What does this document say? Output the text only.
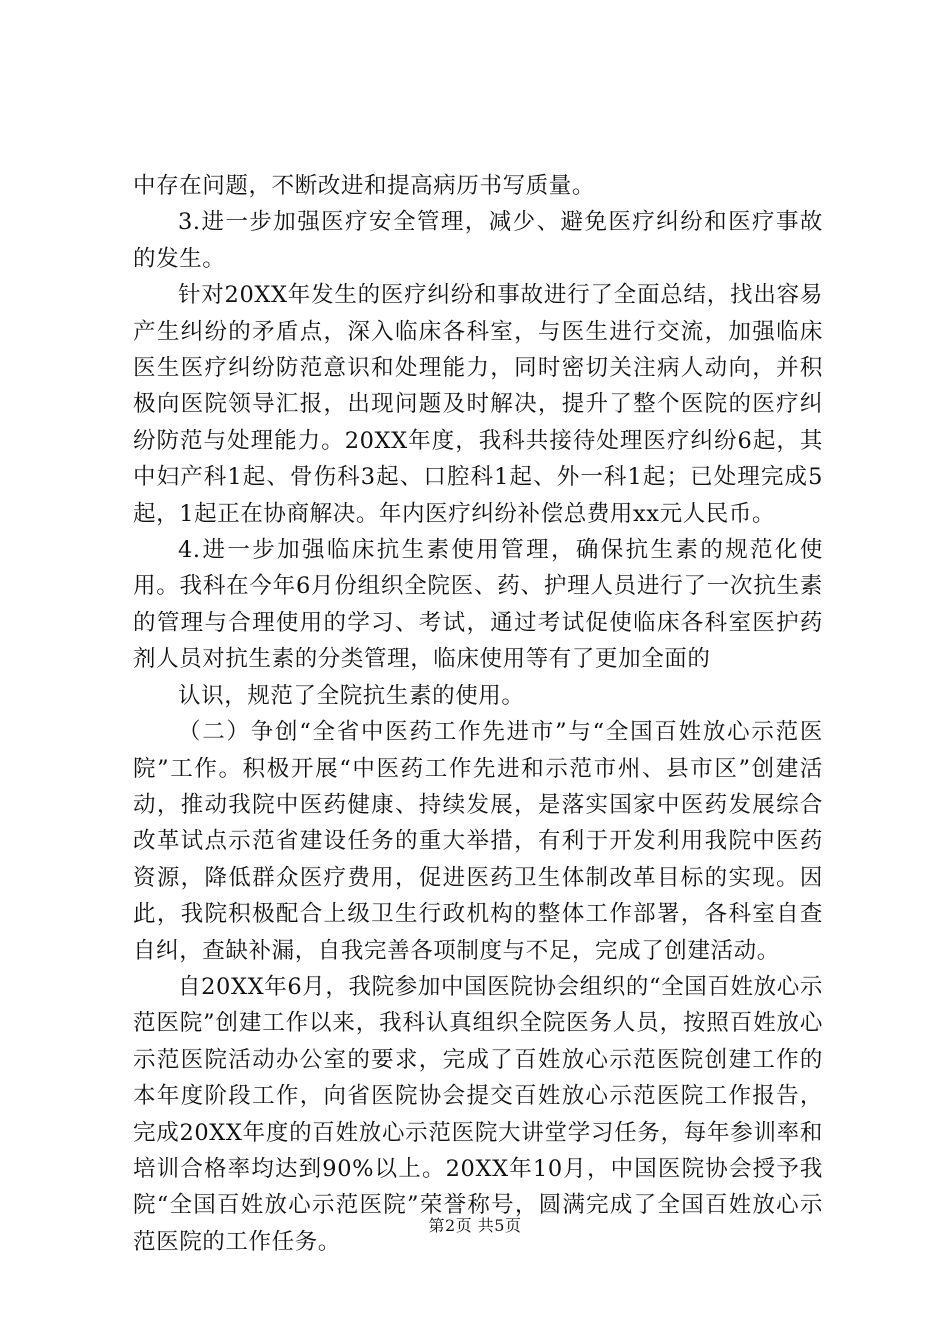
中存在问题，不断改进和提高病历书写质量。

3.进一步加强医疗安全管理，减少、避免医疗纠纷和医疗事故的发生。

针对20XX年发生的医疗纠纷和事故进行了全面总结，找出容易产生纠纷的矛盾点，深入临床各科室，与医生进行交流，加强临床医生医疗纠纷防范意识和处理能力，同时密切关注病人动向，并积极向医院领导汇报，出现问题及时解决，提升了整个医院的医疗纠纷防范与处理能力。20XX年度，我科共接待处理医疗纠纷6起，其中妇产科1起、骨伤科3起、口腔科1起、外一科1起；已处理完成5起，1起正在协商解决。年内医疗纠纷补偿总费用xx元人民币。

4.进一步加强临床抗生素使用管理，确保抗生素的规范化使用。我科在今年6月份组织全院医、药、护理人员进行了一次抗生素的管理与合理使用的学习、考试，通过考试促使临床各科室医护药剂人员对抗生素的分类管理，临床使用等有了更加全面的

认识，规范了全院抗生素的使用。

（二）争创“全省中医药工作先进市”与“全国百姓放心示范医院”工作。积极开展“中医药工作先进和示范市州、县市区”创建活动，推动我院中医药健康、持续发展，是落实国家中医药发展综合改革试点示范省建设任务的重大举措，有利于开发利用我院中医药资源，降低群众医疗费用，促进医药卫生体制改革目标的实现。因此，我院积极配合上级卫生行政机构的整体工作部署，各科室自查自纠，查缺补漏，自我完善各项制度与不足，完成了创建活动。

自20XX年6月，我院参加中国医院协会组织的“全国百姓放心示范医院”创建工作以来，我科认真组织全院医务人员，按照百姓放心示范医院活动办公室的要求，完成了百姓放心示范医院创建工作的本年度阶段工作，向省医院协会提交百姓放心示范医院工作报告，完成20XX年度的百姓放心示范医院大讲堂学习任务，每年参训率和培训合格率均达到90%以上。20XX年10月，中国医院协会授予我院“全国百姓放心示范医院”荣誉称号，圆满完成了全国百姓放心示范医院的工作任务。

第2页 共5页
